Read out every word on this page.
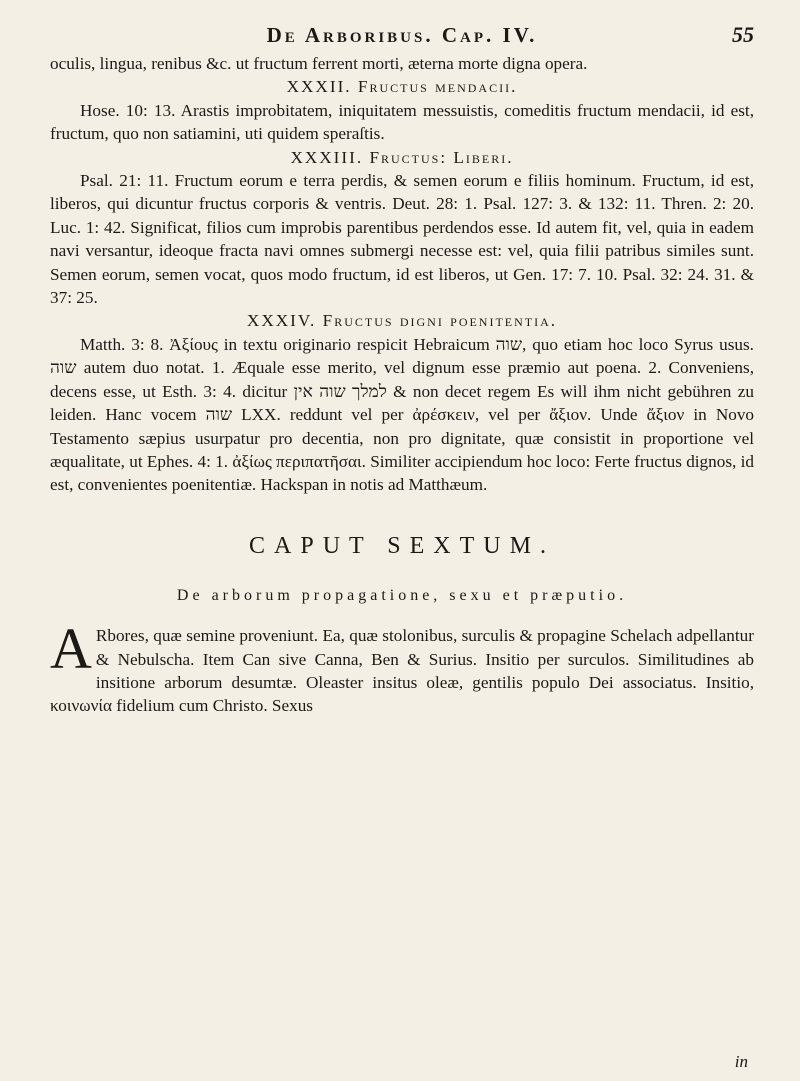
De Arboribus. Cap. IV.	55

oculis, lingua, renibus &c. ut fructum ferrent morti, æterna morte digna opera.

XXXII. Fructus mendacii.

Hose. 10: 13. Arastis improbitatem, iniquitatem messuistis, comeditis fructum mendacii, id est, fructum, quo non satiamini, uti quidem speraſtis.

XXXIII. Fructus: Liberi.

Psal. 21: 11. Fructum eorum e terra perdis, & semen eorum e filiis hominum. Fructum, id est, liberos, qui dicuntur fructus corporis & ventris. Deut. 28: 1. Psal. 127: 3. & 132: 11. Thren. 2: 20. Luc. 1: 42. Significat, filios cum improbis parentibus perdendos esse. Id autem fit, vel, quia in eadem navi versantur, ideoque fracta navi omnes submergi necesse est: vel, quia filii patribus similes sunt. Semen eorum, semen vocat, quos modo fructum, id est liberos, ut Gen. 17: 7. 10. Psal. 32: 24. 31. & 37: 25.

XXXIV. Fructus digni poenitentia.

Matth. 3: 8. Ἀξίους in textu originario respicit Hebraicum שוה, quo etiam hoc loco Syrus usus. שוה autem duo notat. 1. Æquale esse merito, vel dignum esse præmio aut poena. 2. Conveniens, decens esse, ut Esth. 3: 4. dicitur למלך שוה אין & non decet regem Es will ihm nicht gebühren zu leiden. Hanc vocem שוה LXX. reddunt vel per ἀρέσκειν, vel per ἄξιον. Unde ἄξιον in Novo Testamento sæpius usurpatur pro decentia, non pro dignitate, quæ consistit in proportione vel æqualitate, ut Ephes. 4: 1. ἀξίως περιπατῆσαι. Similiter accipiendum hoc loco: Ferte fructus dignos, id est, convenientes poenitentiæ. Hackspan in notis ad Matthæum.

CAPUT SEXTUM.
De arborum propagatione, sexu et præputio.

A Rbores, quæ semine proveniunt. Ea, quæ stolonibus, surculis & propagine Schelach adpellantur & Nebulscha. Item Can sive Canna, Ben & Surius. Insitio per surculos. Similitudines ab insitione arborum desumtæ. Oleaster insitus oleæ, gentilis populo Dei associatus. Insitio, κοινωνία fidelium cum Christo. Sexus

in
